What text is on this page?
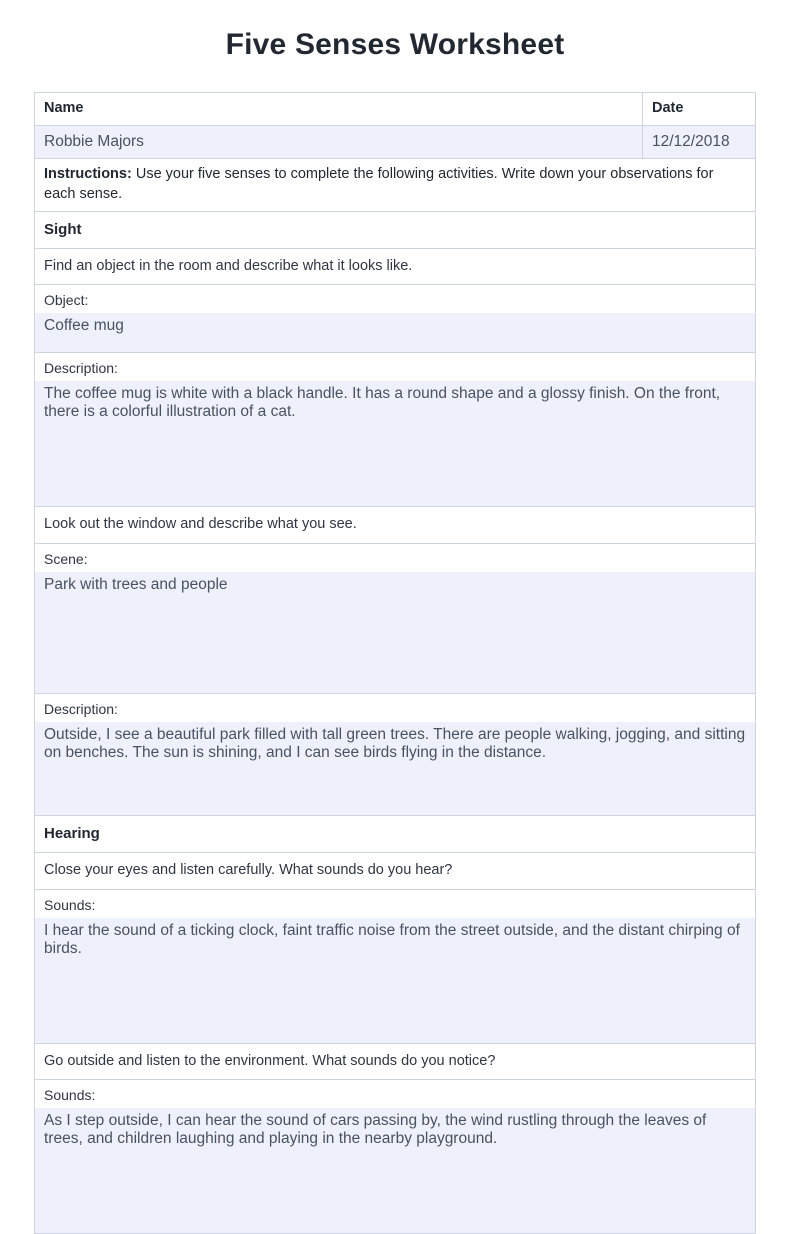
Five Senses Worksheet
Name	Date
Robbie Majors	12/12/2018
Instructions: Use your five senses to complete the following activities. Write down your observations for each sense.
Sight
Find an object in the room and describe what it looks like.
Object:
Coffee mug
Description:
The coffee mug is white with a black handle. It has a round shape and a glossy finish. On the front, there is a colorful illustration of a cat.
Look out the window and describe what you see.
Scene:
Park with trees and people
Description:
Outside, I see a beautiful park filled with tall green trees. There are people walking, jogging, and sitting on benches. The sun is shining, and I can see birds flying in the distance.
Hearing
Close your eyes and listen carefully. What sounds do you hear?
Sounds:
I hear the sound of a ticking clock, faint traffic noise from the street outside, and the distant chirping of birds.
Go outside and listen to the environment. What sounds do you notice?
Sounds:
As I step outside, I can hear the sound of cars passing by, the wind rustling through the leaves of trees, and children laughing and playing in the nearby playground.
